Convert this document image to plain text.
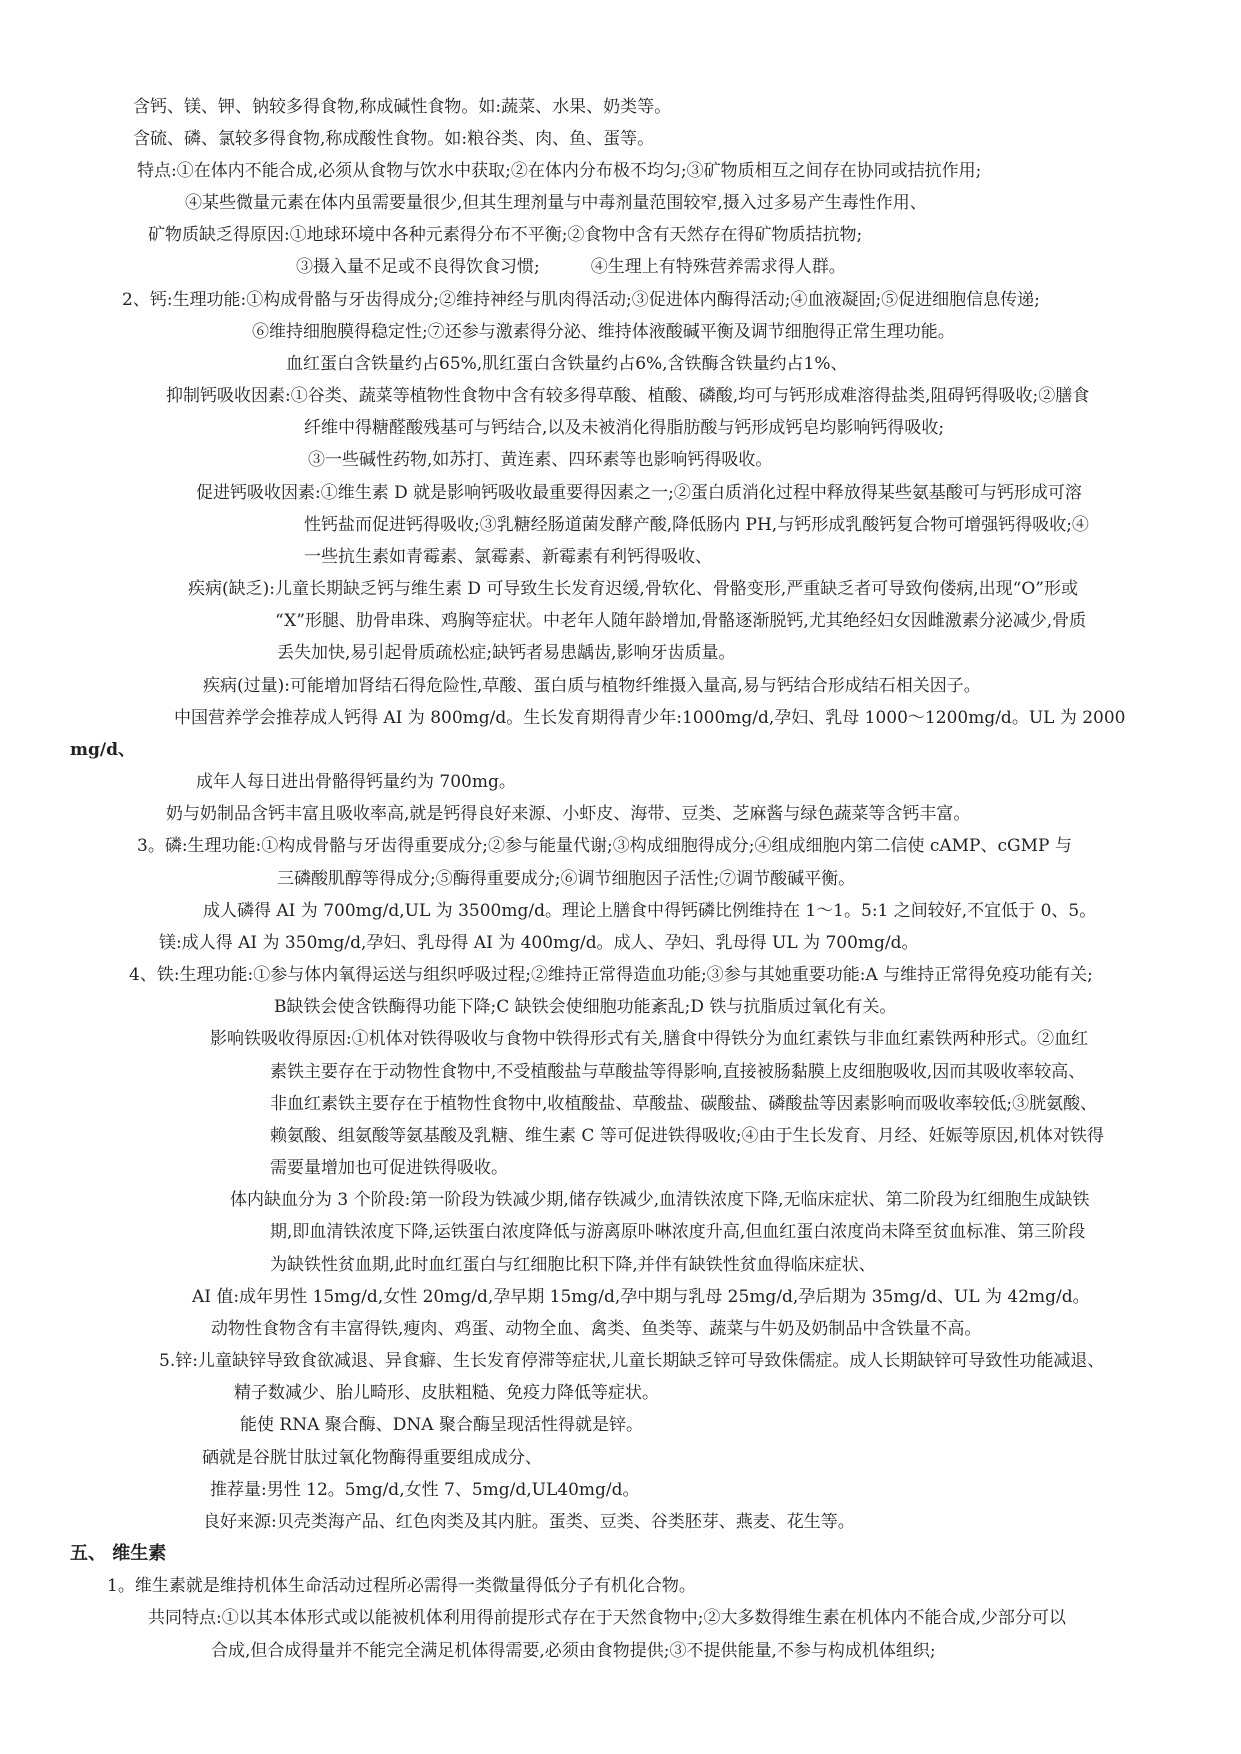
含钙、镁、钾、钠较多得食物,称成碱性食物。如:蔬菜、水果、奶类等。
含硫、磷、氯较多得食物,称成酸性食物。如:粮谷类、肉、鱼、蛋等。
特点:①在体内不能合成,必须从食物与饮水中获取;②在体内分布极不均匀;③矿物质相互之间存在协同或拮抗作用;
④某些微量元素在体内虽需要量很少,但其生理剂量与中毒剂量范围较窄,摄入过多易产生毒性作用、
矿物质缺乏得原因:①地球环境中各种元素得分布不平衡;②食物中含有天然存在得矿物质拮抗物;
③摄入量不足或不良得饮食习惯;　　　④生理上有特殊营养需求得人群。
2、钙:生理功能:①构成骨骼与牙齿得成分;②维持神经与肌肉得活动;③促进体内酶得活动;④血液凝固;⑤促进细胞信息传递;
⑥维持细胞膜得稳定性;⑦还参与激素得分泌、维持体液酸碱平衡及调节细胞得正常生理功能。
血红蛋白含铁量约占65%,肌红蛋白含铁量约占6%,含铁酶含铁量约占1%、
抑制钙吸收因素:①谷类、蔬菜等植物性食物中含有较多得草酸、植酸、磷酸,均可与钙形成难溶得盐类,阻碍钙得吸收;②膳食
纤维中得糖醛酸残基可与钙结合,以及未被消化得脂肪酸与钙形成钙皂均影响钙得吸收;
③一些碱性药物,如苏打、黄连素、四环素等也影响钙得吸收。
促进钙吸收因素:①维生素 D 就是影响钙吸收最重要得因素之一;②蛋白质消化过程中释放得某些氨基酸可与钙形成可溶
性钙盐而促进钙得吸收;③乳糖经肠道菌发酵产酸,降低肠内 PH,与钙形成乳酸钙复合物可增强钙得吸收;④
一些抗生素如青霉素、氯霉素、新霉素有利钙得吸收、
疾病(缺乏):儿童长期缺乏钙与维生素 D 可导致生长发育迟缓,骨软化、骨骼变形,严重缺乏者可导致佝偻病,出现“O”形或
“X”形腿、肋骨串珠、鸡胸等症状。中老年人随年龄增加,骨骼逐渐脱钙,尤其绝经妇女因雌激素分泌减少,骨质
丢失加快,易引起骨质疏松症;缺钙者易患龋齿,影响牙齿质量。
疾病(过量):可能增加肾结石得危险性,草酸、蛋白质与植物纤维摄入量高,易与钙结合形成结石相关因子。
中国营养学会推荐成人钙得 AI 为 800mg/d。生长发育期得青少年:1000mg/d,孕妇、乳母 1000～1200mg/d。UL 为 2000
mg/d、
成年人每日进出骨骼得钙量约为 700mg。
奶与奶制品含钙丰富且吸收率高,就是钙得良好来源、小虾皮、海带、豆类、芝麻酱与绿色蔬菜等含钙丰富。
3。磷:生理功能:①构成骨骼与牙齿得重要成分;②参与能量代谢;③构成细胞得成分;④组成细胞内第二信使 cAMP、cGMP 与
三磷酸肌醇等得成分;⑤酶得重要成分;⑥调节细胞因子活性;⑦调节酸碱平衡。
成人磷得 AI 为 700mg/d,UL 为 3500mg/d。理论上膳食中得钙磷比例维持在 1～1。5:1 之间较好,不宜低于 0、5。
镁:成人得 AI 为 350mg/d,孕妇、乳母得 AI 为 400mg/d。成人、孕妇、乳母得 UL 为 700mg/d。
4、铁:生理功能:①参与体内氧得运送与组织呼吸过程;②维持正常得造血功能;③参与其她重要功能:A 与维持正常得免疫功能有关;
B缺铁会使含铁酶得功能下降;C 缺铁会使细胞功能紊乱;D 铁与抗脂质过氧化有关。
影响铁吸收得原因:①机体对铁得吸收与食物中铁得形式有关,膳食中得铁分为血红素铁与非血红素铁两种形式。②血红
素铁主要存在于动物性食物中,不受植酸盐与草酸盐等得影响,直接被肠黏膜上皮细胞吸收,因而其吸收率较高、
非血红素铁主要存在于植物性食物中,收植酸盐、草酸盐、碳酸盐、磷酸盐等因素影响而吸收率较低;③胱氨酸、
赖氨酸、组氨酸等氨基酸及乳糖、维生素 C 等可促进铁得吸收;④由于生长发育、月经、妊娠等原因,机体对铁得
需要量增加也可促进铁得吸收。
体内缺血分为 3 个阶段:第一阶段为铁减少期,储存铁减少,血清铁浓度下降,无临床症状、第二阶段为红细胞生成缺铁
期,即血清铁浓度下降,运铁蛋白浓度降低与游离原卟啉浓度升高,但血红蛋白浓度尚未降至贫血标准、第三阶段
为缺铁性贫血期,此时血红蛋白与红细胞比积下降,并伴有缺铁性贫血得临床症状、
AI 值:成年男性 15mg/d,女性 20mg/d,孕早期 15mg/d,孕中期与乳母 25mg/d,孕后期为 35mg/d、UL 为 42mg/d。
动物性食物含有丰富得铁,瘦肉、鸡蛋、动物全血、禽类、鱼类等、蔬菜与牛奶及奶制品中含铁量不高。
5.锌:儿童缺锌导致食欲减退、异食癖、生长发育停滞等症状,儿童长期缺乏锌可导致侏儒症。成人长期缺锌可导致性功能减退、
精子数减少、胎儿畸形、皮肤粗糙、免疫力降低等症状。
能使 RNA 聚合酶、DNA 聚合酶呈现活性得就是锌。
硒就是谷胱甘肽过氧化物酶得重要组成成分、
推荐量:男性 12。5mg/d,女性 7、5mg/d,UL40mg/d。
良好来源:贝壳类海产品、红色肉类及其内脏。蛋类、豆类、谷类胚芽、燕麦、花生等。
五、 维生素
1。维生素就是维持机体生命活动过程所必需得一类微量得低分子有机化合物。
共同特点:①以其本体形式或以能被机体利用得前提形式存在于天然食物中;②大多数得维生素在机体内不能合成,少部分可以
合成,但合成得量并不能完全满足机体得需要,必须由食物提供;③不提供能量,不参与构成机体组织;
